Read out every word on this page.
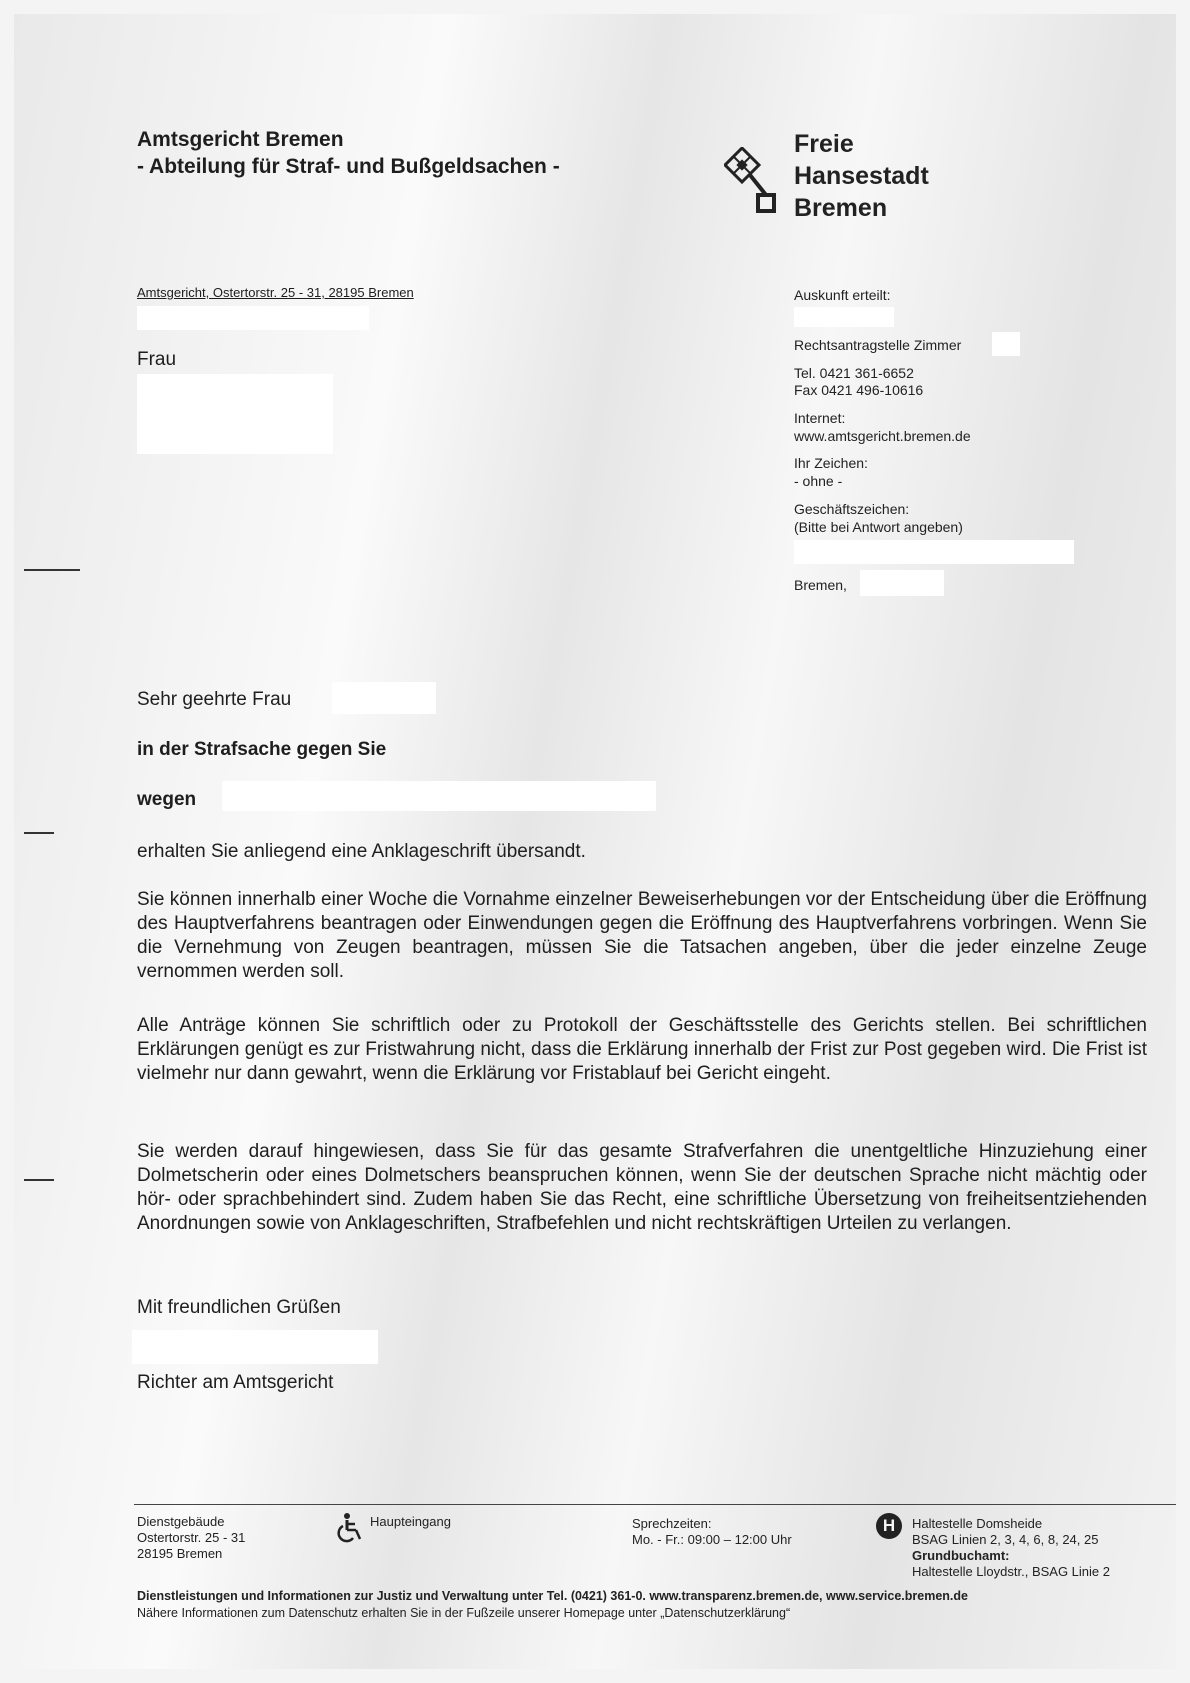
Amtsgericht Bremen
- Abteilung für Straf- und Bußgeldsachen -
Freie
Hansestadt
Bremen
Amtsgericht, Ostertorstr. 25 - 31, 28195 Bremen
Frau
Auskunft erteilt:
Rechtsantragstelle Zimmer
Tel. 0421 361-6652
Fax 0421 496-10616
Internet:
www.amtsgericht.bremen.de
Ihr Zeichen:
- ohne -
Geschäftszeichen:
(Bitte bei Antwort angeben)
Bremen,
Sehr geehrte Frau
in der Strafsache gegen Sie
wegen
erhalten Sie anliegend eine Anklageschrift übersandt.
Sie können innerhalb einer Woche die Vornahme einzelner Beweiserhebungen vor der Entscheidung über die Eröffnung des Hauptverfahrens beantragen oder Einwendungen gegen die Eröffnung des Hauptverfahrens vorbringen. Wenn Sie die Vernehmung von Zeugen beantragen, müssen Sie die Tatsachen angeben, über die jeder einzelne Zeuge vernommen werden soll.
Alle Anträge können Sie schriftlich oder zu Protokoll der Geschäftsstelle des Gerichts stellen. Bei schriftlichen Erklärungen genügt es zur Fristwahrung nicht, dass die Erklärung innerhalb der Frist zur Post gegeben wird. Die Frist ist vielmehr nur dann gewahrt, wenn die Erklärung vor Fristablauf bei Gericht eingeht.
Sie werden darauf hingewiesen, dass Sie für das gesamte Strafverfahren die unentgeltliche Hinzuziehung einer Dolmetscherin oder eines Dolmetschers beanspruchen können, wenn Sie der deutschen Sprache nicht mächtig oder hör- oder sprachbehindert sind. Zudem haben Sie das Recht, eine schriftliche Übersetzung von freiheitsentziehenden Anordnungen sowie von Anklageschriften, Strafbefehlen und nicht rechtskräftigen Urteilen zu verlangen.
Mit freundlichen Grüßen
Richter am Amtsgericht
Dienstgebäude
Ostertorstr. 25 - 31
28195 Bremen
Haupteingang	Sprechzeiten:
Mo. - Fr.: 09:00 – 12:00 Uhr
H	Haltestelle Domsheide
BSAG Linien 2, 3, 4, 6, 8, 24, 25
Grundbuchamt:
Haltestelle Lloydstr., BSAG Linie 2
Dienstleistungen und Informationen zur Justiz und Verwaltung unter Tel. (0421) 361-0. www.transparenz.bremen.de, www.service.bremen.de
Nähere Informationen zum Datenschutz erhalten Sie in der Fußzeile unserer Homepage unter „Datenschutzerklärung“
